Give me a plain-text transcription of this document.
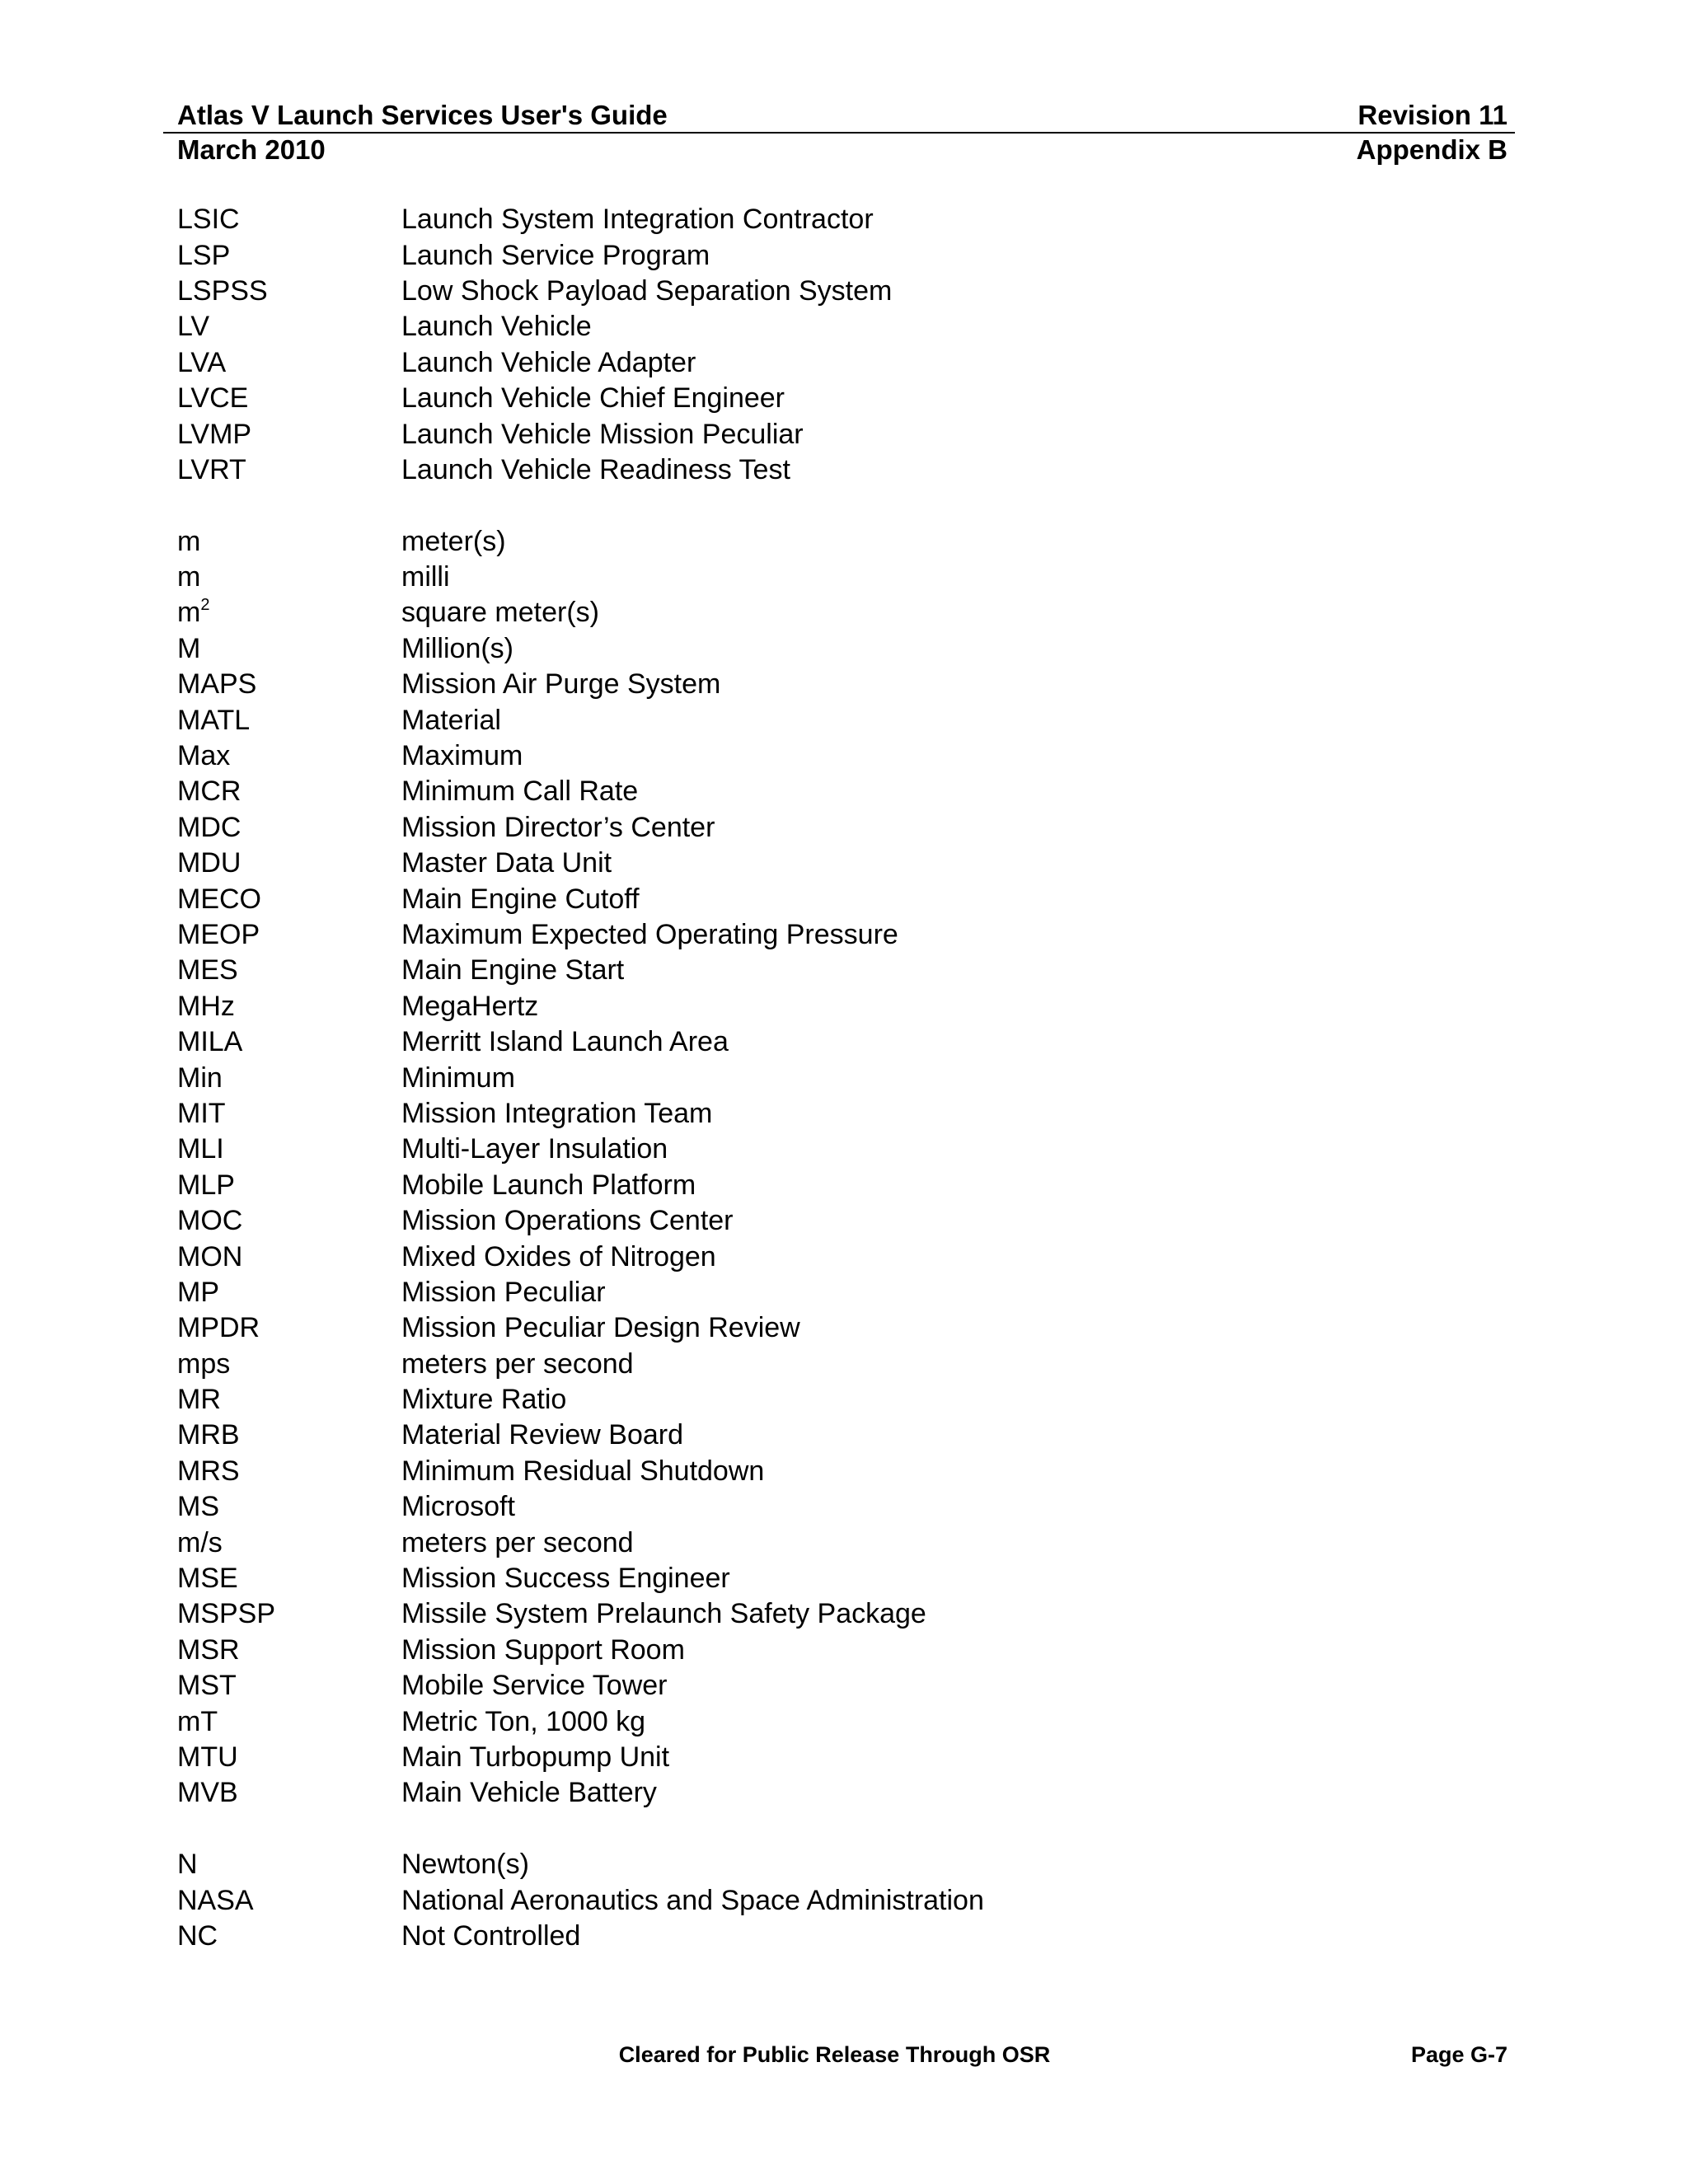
Atlas V Launch Services User's Guide	Revision 11
March 2010	Appendix B
LSIC	Launch System Integration Contractor
LSP	Launch Service Program
LSPSS	Low Shock Payload Separation System
LV	Launch Vehicle
LVA	Launch Vehicle Adapter
LVCE	Launch Vehicle Chief Engineer
LVMP	Launch Vehicle Mission Peculiar
LVRT	Launch Vehicle Readiness Test
m	meter(s)
m	milli
$m^2$	square meter(s)
M	Million(s)
MAPS	Mission Air Purge System
MATL	Material
Max	Maximum
MCR	Minimum Call Rate
MDC	Mission Director’s Center
MDU	Master Data Unit
MECO	Main Engine Cutoff
MEOP	Maximum Expected Operating Pressure
MES	Main Engine Start
MHz	MegaHertz
MILA	Merritt Island Launch Area
Min	Minimum
MIT	Mission Integration Team
MLI	Multi-Layer Insulation
MLP	Mobile Launch Platform
MOC	Mission Operations Center
MON	Mixed Oxides of Nitrogen
MP	Mission Peculiar
MPDR	Mission Peculiar Design Review
mps	meters per second
MR	Mixture Ratio
MRB	Material Review Board
MRS	Minimum Residual Shutdown
MS	Microsoft
m/s	meters per second
MSE	Mission Success Engineer
MSPSP	Missile System Prelaunch Safety Package
MSR	Mission Support Room
MST	Mobile Service Tower
mT	Metric Ton, 1000 kg
MTU	Main Turbopump Unit
MVB	Main Vehicle Battery
N	Newton(s)
NASA	National Aeronautics and Space Administration
NC	Not Controlled
Cleared for Public Release Through OSR	Page G-7
